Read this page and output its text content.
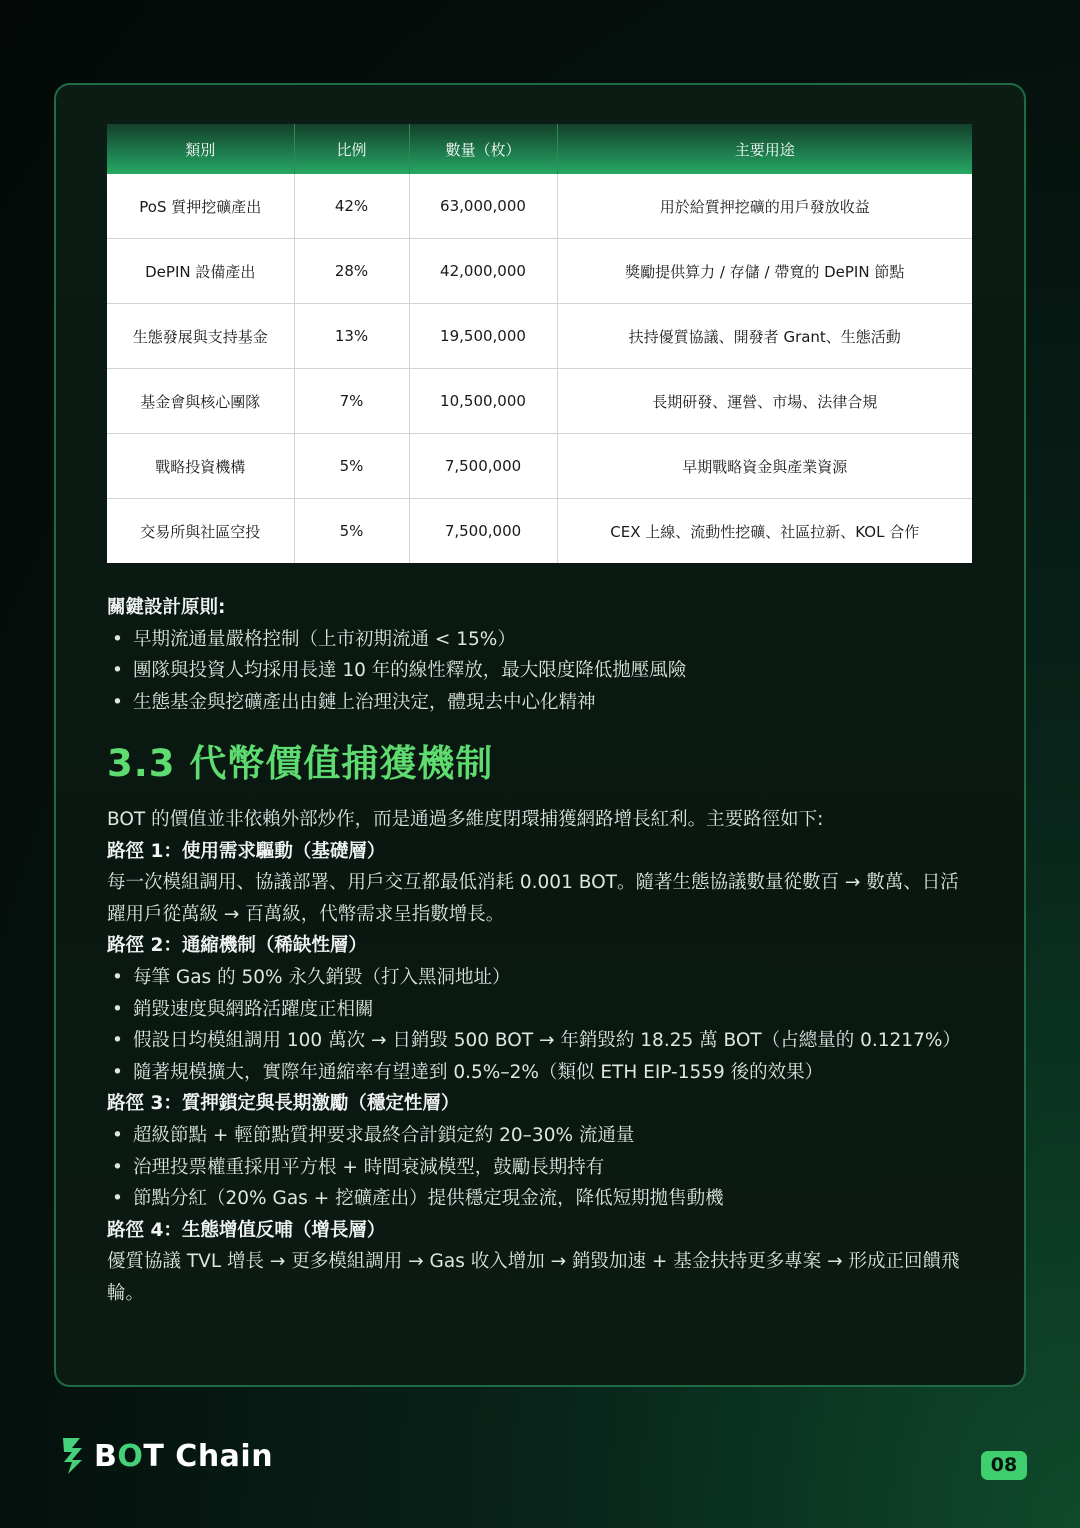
類別	比例	數量（枚）	主要用途
PoS 質押挖礦產出	42%	63,000,000	用於給質押挖礦的用戶發放收益
DePIN 設備產出	28%	42,000,000	獎勵提供算力 / 存儲 / 帶寬的 DePIN 節點
生態發展與支持基金	13%	19,500,000	扶持優質協議、開發者 Grant、生態活動
基金會與核心團隊	7%	10,500,000	長期研發、運營、市場、法律合規
戰略投資機構	5%	7,500,000	早期戰略資金與產業資源
交易所與社區空投	5%	7,500,000	CEX 上線、流動性挖礦、社區拉新、KOL 合作
關鍵設計原則:
• 早期流通量嚴格控制（上市初期流通 < 15%）
• 團隊與投資人均採用長達 10 年的線性釋放，最大限度降低拋壓風險
• 生態基金與挖礦產出由鏈上治理決定，體現去中心化精神
3.3 代幣價值捕獲機制
BOT 的價值並非依賴外部炒作，而是通過多維度閉環捕獲網路增長紅利。主要路徑如下:
路徑 1：使用需求驅動（基礎層）
每一次模組調用、協議部署、用戶交互都最低消耗 0.001 BOT。隨著生態協議數量從數百 → 數萬、日活躍用戶從萬級 → 百萬級，代幣需求呈指數增長。
路徑 2：通縮機制（稀缺性層）
• 每筆 Gas 的 50% 永久銷毀（打入黑洞地址）
• 銷毀速度與網路活躍度正相關
• 假設日均模組調用 100 萬次 → 日銷毀 500 BOT → 年銷毀約 18.25 萬 BOT（占總量的 0.1217%）
• 隨著規模擴大，實際年通縮率有望達到 0.5%–2%（類似 ETH EIP-1559 後的效果）
路徑 3：質押鎖定與長期激勵（穩定性層）
• 超級節點 + 輕節點質押要求最終合計鎖定約 20–30% 流通量
• 治理投票權重採用平方根 + 時間衰減模型，鼓勵長期持有
• 節點分紅（20% Gas + 挖礦產出）提供穩定現金流，降低短期拋售動機
路徑 4：生態增值反哺（增長層）
優質協議 TVL 增長 → 更多模組調用 → Gas 收入增加 → 銷毀加速 + 基金扶持更多專案 → 形成正回饋飛輪。
BOT Chain	08
